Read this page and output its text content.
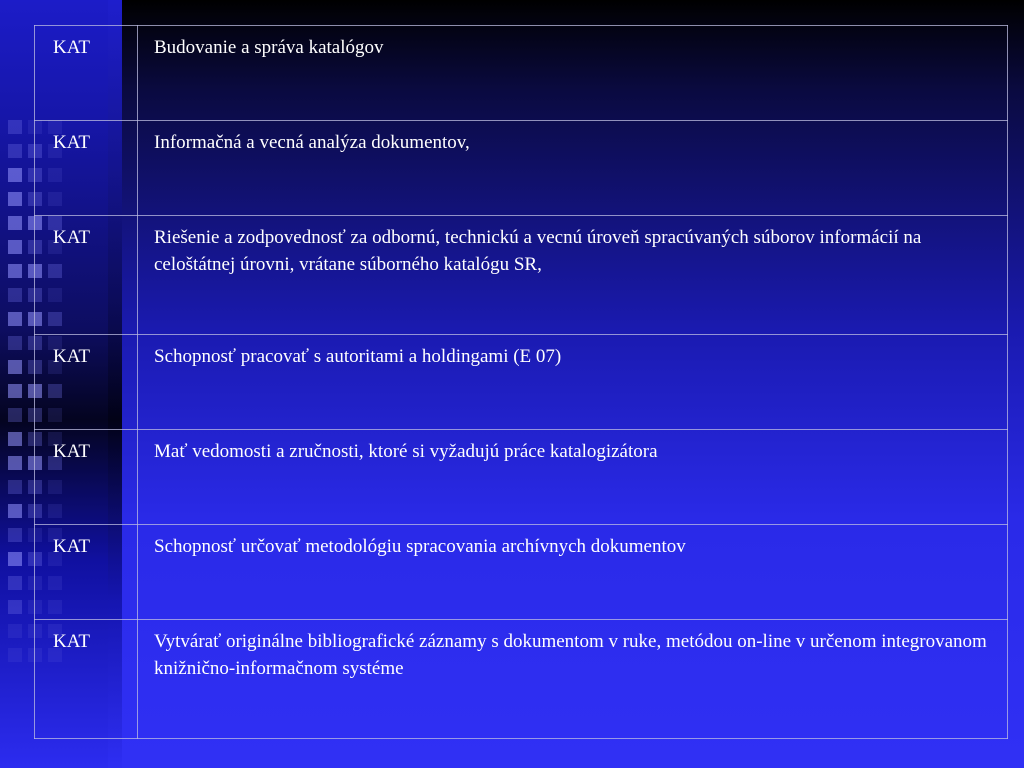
KAT	Budovanie a správa katalógov
KAT	Informačná a vecná analýza dokumentov,
KAT	Riešenie a zodpovednosť za odbornú, technickú a vecnú úroveň spracúvaných súborov informácií na celoštátnej úrovni, vrátane súborného katalógu SR,
KAT	Schopnosť pracovať s autoritami a holdingami (E 07)
KAT	Mať vedomosti a zručnosti, ktoré si vyžadujú práce katalogizátora
KAT	Schopnosť určovať metodológiu spracovania archívnych dokumentov
KAT	Vytvárať originálne bibliografické záznamy s dokumentom v ruke, metódou on-line v určenom integrovanom knižnično-informačnom systéme
